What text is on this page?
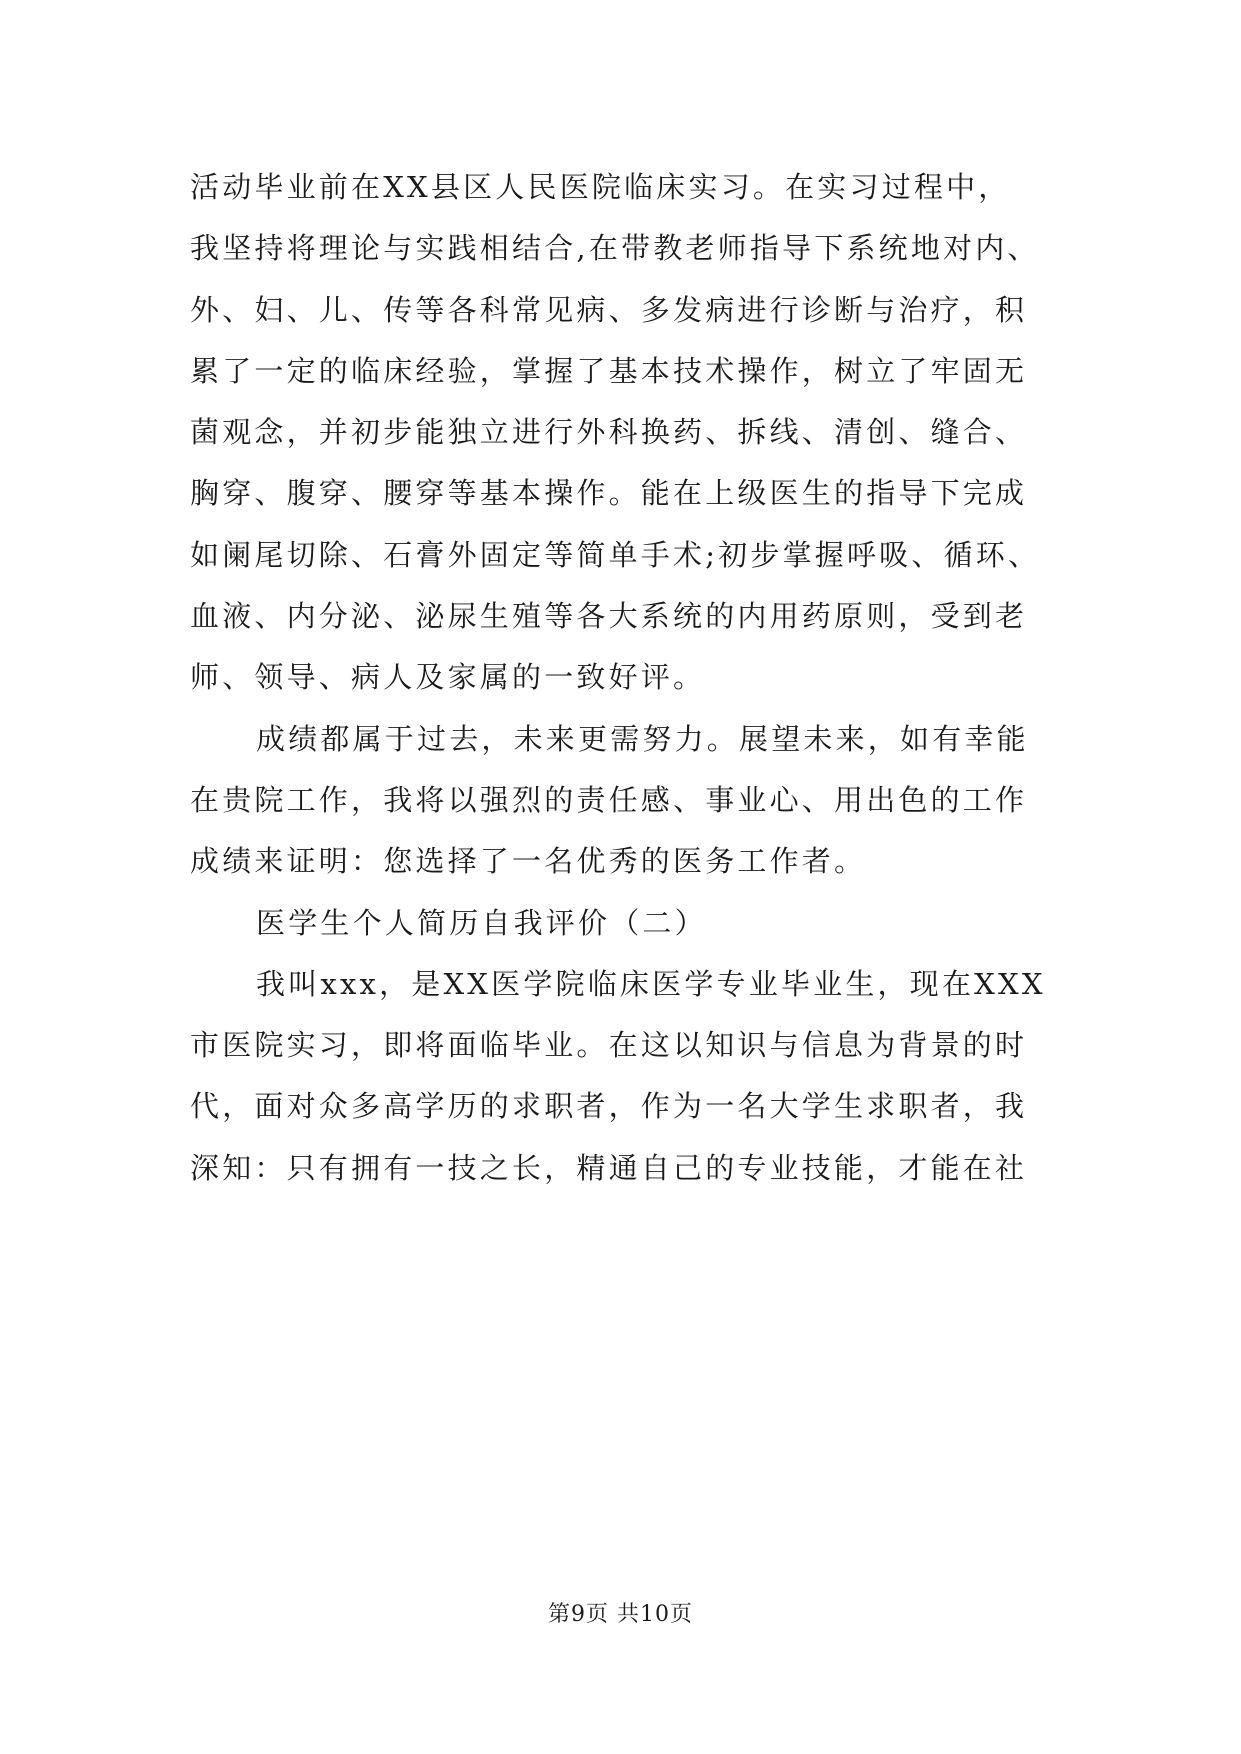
活动毕业前在XX县区人民医院临床实习。在实习过程中，
我坚持将理论与实践相结合,在带教老师指导下系统地对内、
外、妇、儿、传等各科常见病、多发病进行诊断与治疗，积
累了一定的临床经验，掌握了基本技术操作，树立了牢固无
菌观念，并初步能独立进行外科换药、拆线、清创、缝合、
胸穿、腹穿、腰穿等基本操作。能在上级医生的指导下完成
如阑尾切除、石膏外固定等简单手术;初步掌握呼吸、循环、
血液、内分泌、泌尿生殖等各大系统的内用药原则，受到老
师、领导、病人及家属的一致好评。
成绩都属于过去，未来更需努力。展望未来，如有幸能
在贵院工作，我将以强烈的责任感、事业心、用出色的工作
成绩来证明：您选择了一名优秀的医务工作者。
医学生个人简历自我评价（二）
我叫xxx，是XX医学院临床医学专业毕业生，现在XXX
市医院实习，即将面临毕业。在这以知识与信息为背景的时
代，面对众多高学历的求职者，作为一名大学生求职者，我
深知：只有拥有一技之长，精通自己的专业技能，才能在社
第9页 共10页
